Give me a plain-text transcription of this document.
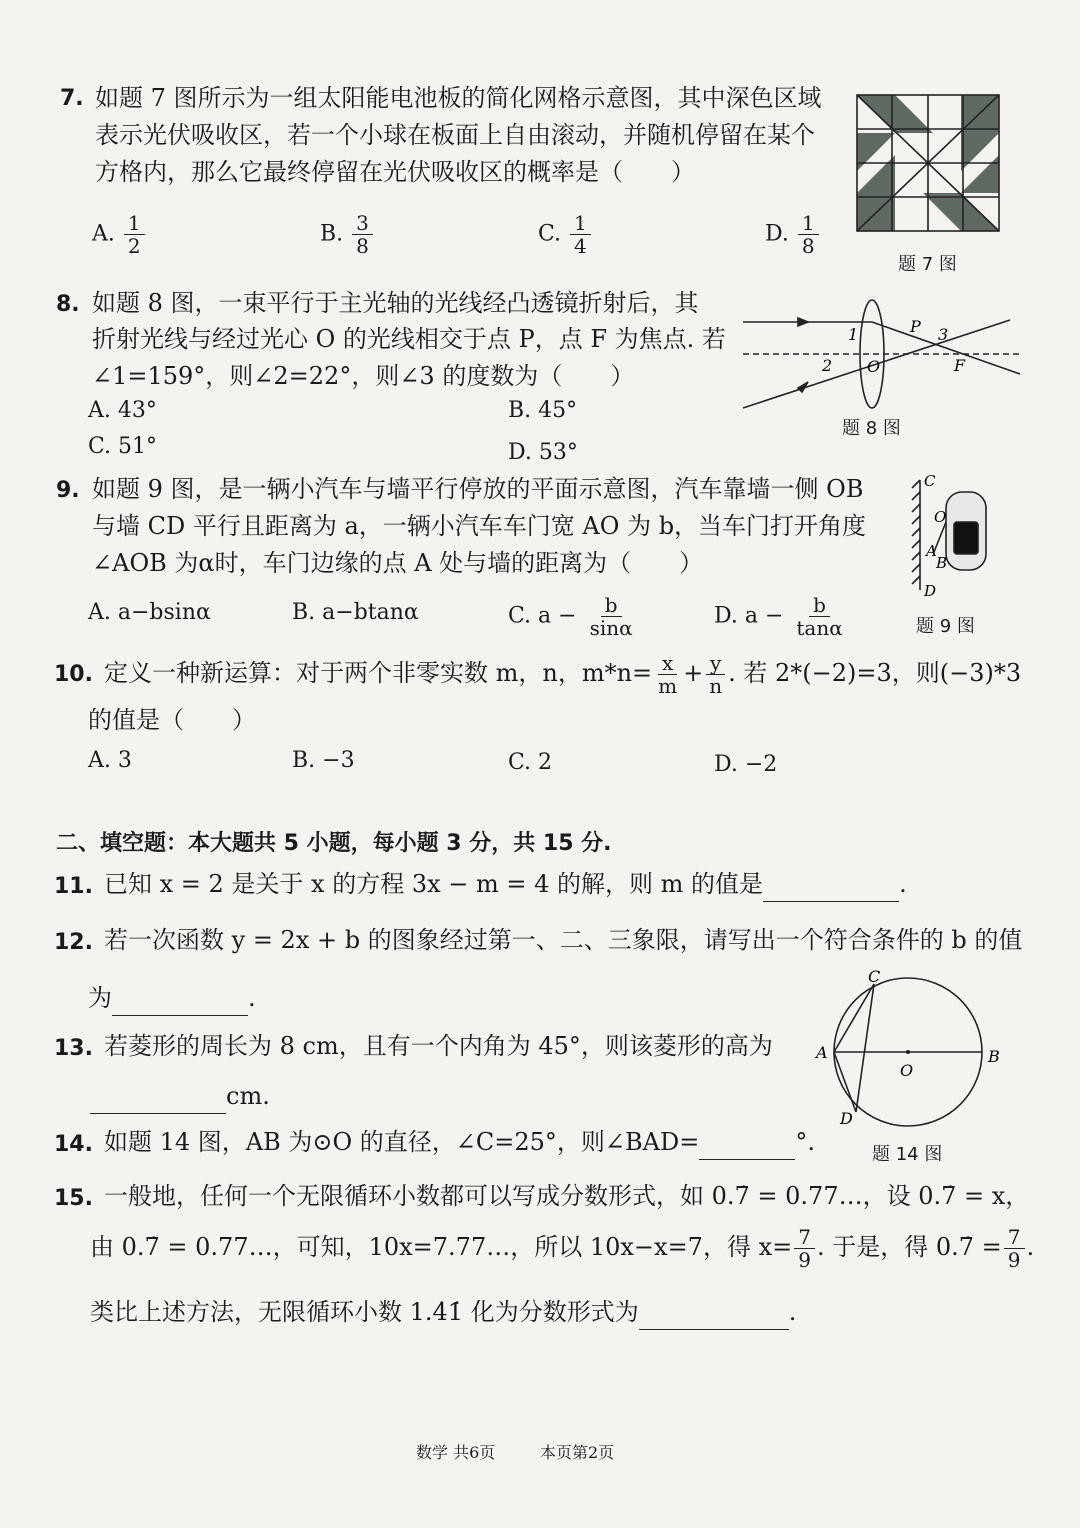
7. 如题 7 图所示为一组太阳能电池板的简化网格示意图，其中深色区域
表示光伏吸收区，若一个小球在板面上自由滚动，并随机停留在某个
方格内，那么它最终停留在光伏吸收区的概率是（　　）
A. $\frac{1}{2}$	B. $\frac{3}{8}$	C. $\frac{1}{4}$	D. $\frac{1}{8}$
题 7 图
8. 如题 8 图，一束平行于主光轴的光线经凸透镜折射后，其
折射光线与经过光心 O 的光线相交于点 P，点 F 为焦点. 若
∠1=159°，则∠2=22°，则∠3 的度数为（　　）
A. 43°	B. 45°
C. 51°	D. 53°
1
2
3
P
O	F
题 8 图
9. 如题 9 图，是一辆小汽车与墙平行停放的平面示意图，汽车靠墙一侧 OB
与墙 CD 平行且距离为 a，一辆小汽车车门宽 AO 为 b，当车门打开角度
∠AOB 为α时，车门边缘的点 A 处与墙的距离为（　　）
A. a−bsinα	B. a−btanα	C. $a - \frac{b}{\sin\alpha}$	D. $a - \frac{b}{\tan\alpha}$
C
O
A
B
D
题 9 图
10. 定义一种新运算：对于两个非零实数 m，n，$m*n= \frac{x}{m} + \frac{y}{n}$ . 若 2*(−2)=3，则(−3)*3
的值是（　　）
A. 3	B. −3	C. 2	D. −2
二、填空题：本大题共 5 小题，每小题 3 分，共 15 分.
11. 已知 x = 2 是关于 x 的方程 3x − m = 4 的解，则 m 的值是	.
12. 若一次函数 y = 2x + b 的图象经过第一、二、三象限，请写出一个符合条件的 b 的值
为	.
13. 若菱形的周长为 8 cm，且有一个内角为 45°，则该菱形的高为
cm.
14. 如题 14 图，AB 为⊙O 的直径，∠C=25°，则∠BAD=	°.
C
A	B
O
D
题 14 图
15. 一般地，任何一个无限循环小数都可以写成分数形式，如 0.7̇ = 0.77…，设 0.7̇ = x，
由 0.7̇ = 0.77…，可知，10x=7.77…，所以 10x−x=7，得 $x= \frac{7}{9}$ . 于是，得 0.7̇ = $\frac{7}{9}$ .
类比上述方法，无限循环小数 1.4̇1̇ 化为分数形式为	.
数学 共6页	本页第2页
